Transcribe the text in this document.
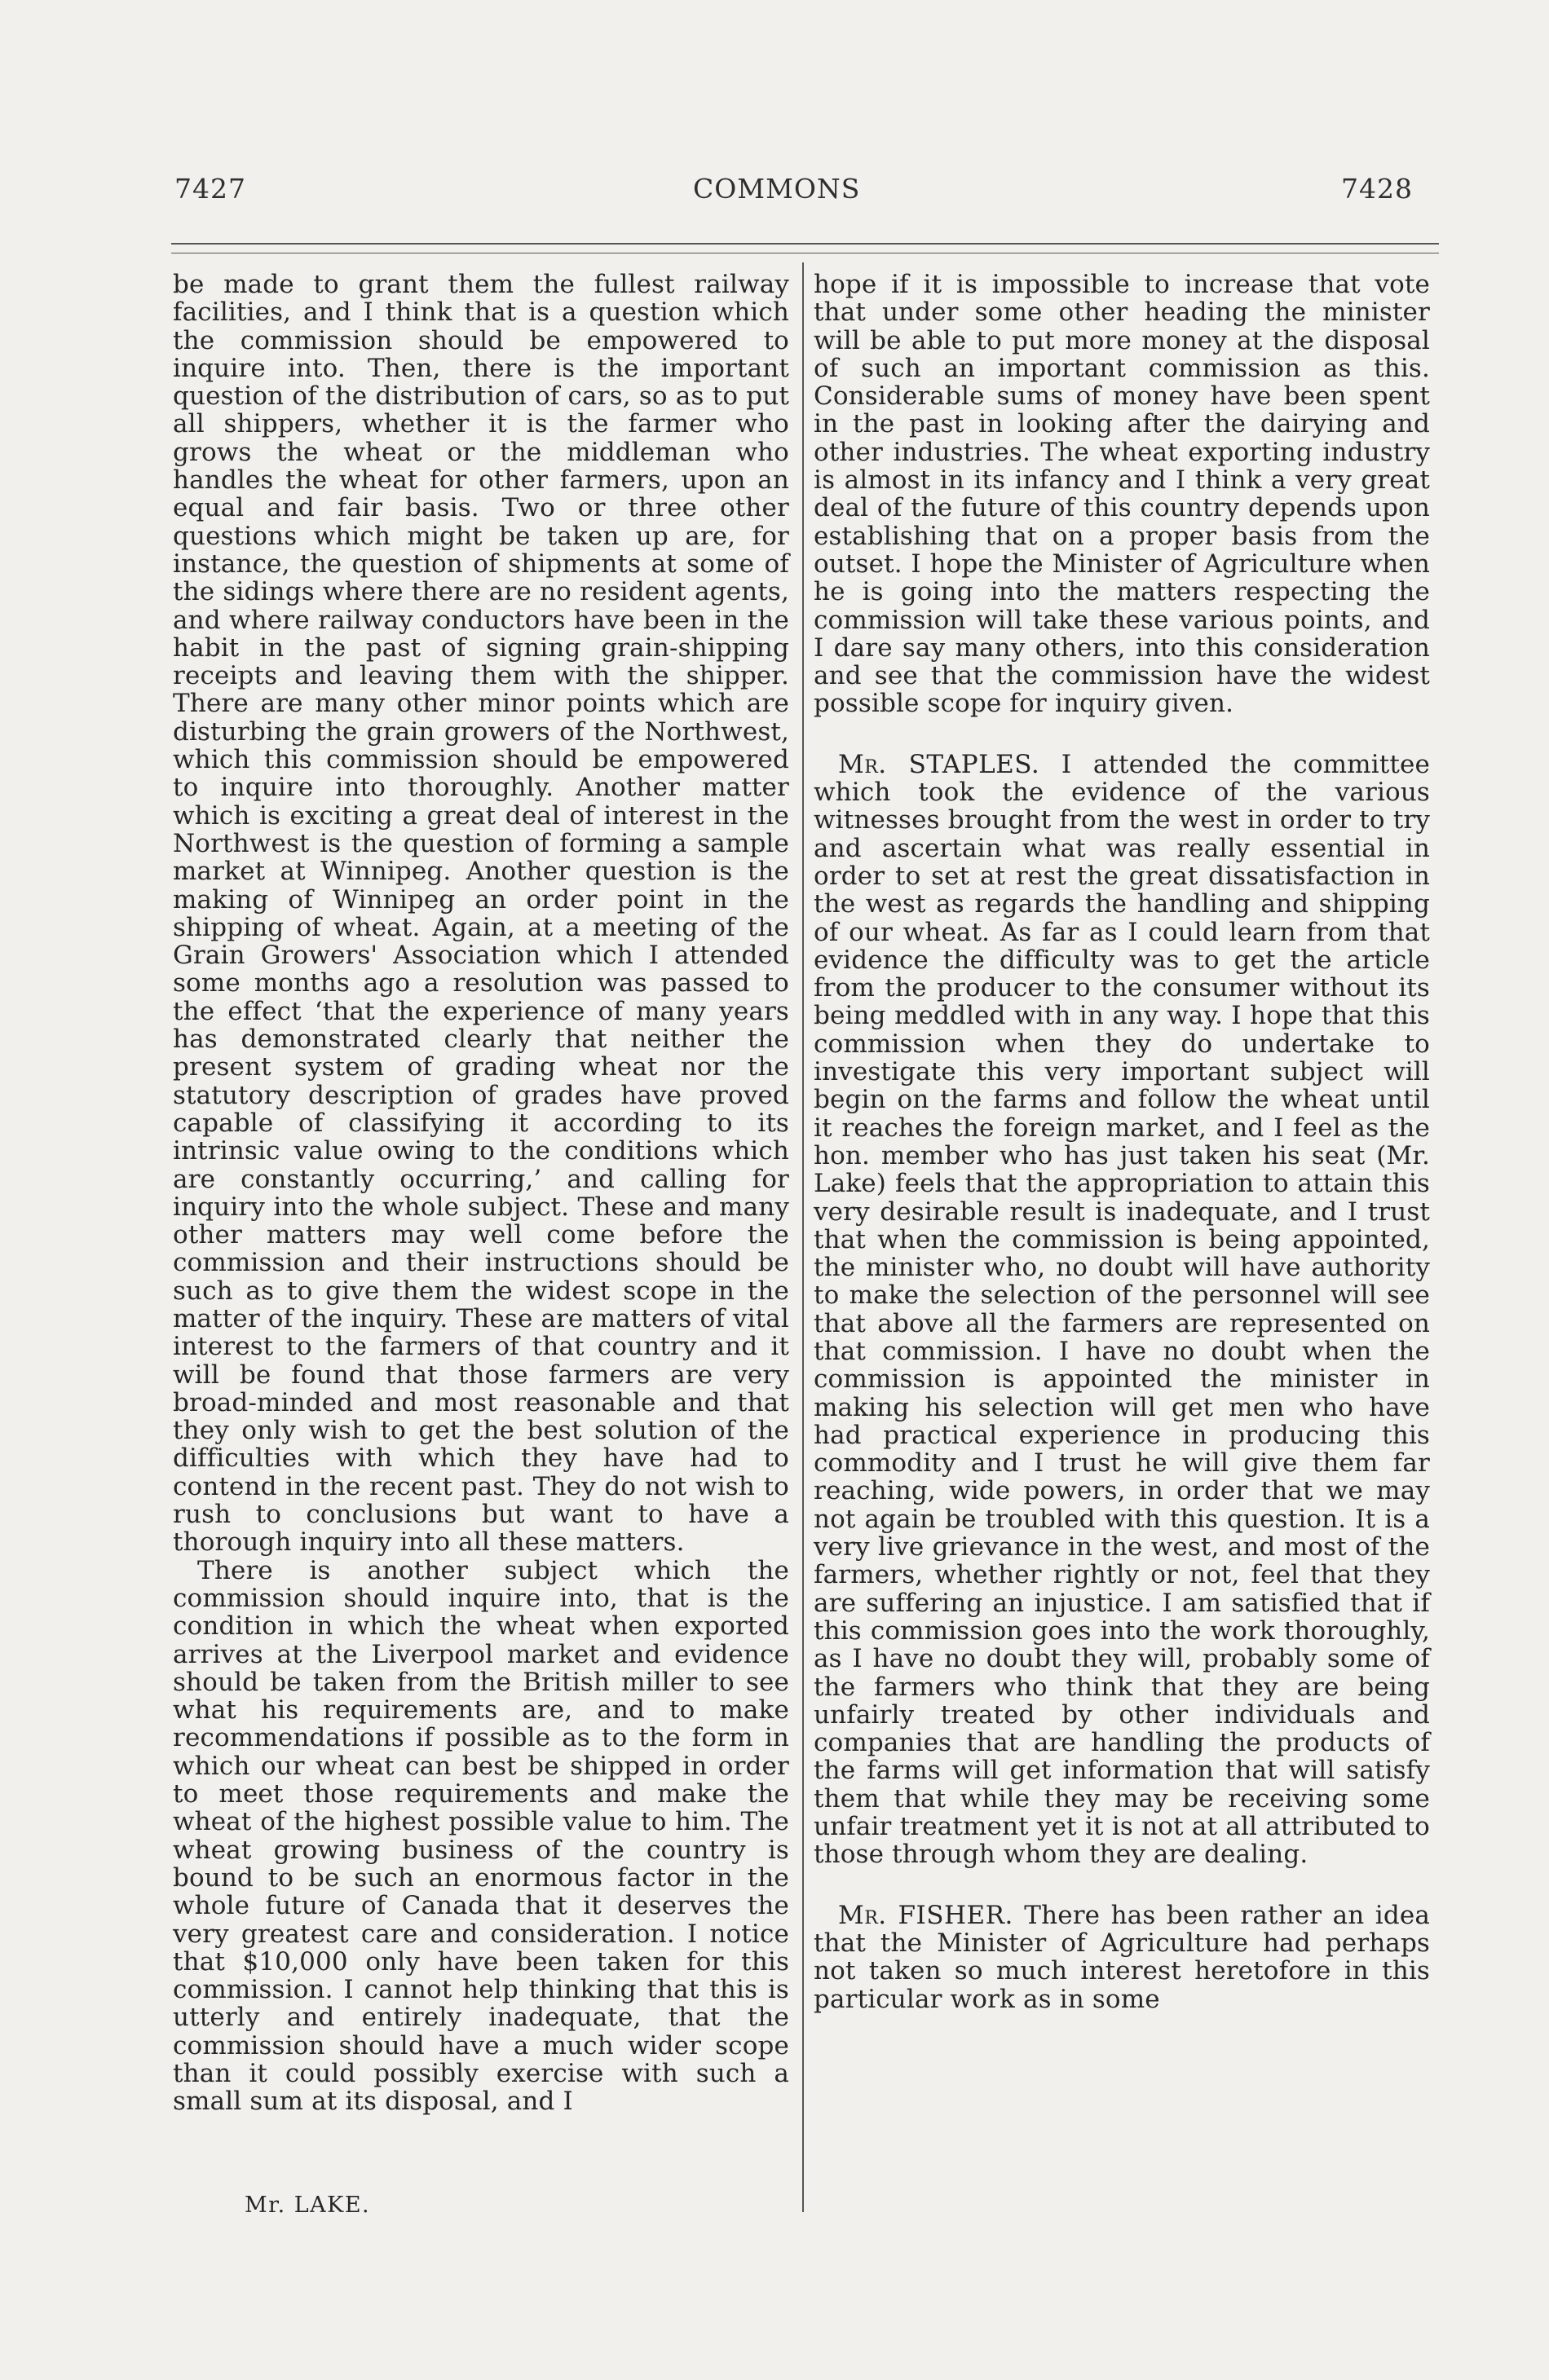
7427	COMMONS	7428

be made to grant them the fullest railway facilities, and I think that is a question which the commission should be empowered to inquire into. Then, there is the important question of the distribution of cars, so as to put all shippers, whether it is the farmer who grows the wheat or the middleman who handles the wheat for other farmers, upon an equal and fair basis. Two or three other questions which might be taken up are, for instance, the question of shipments at some of the sidings where there are no resident agents, and where railway conductors have been in the habit in the past of signing grain-shipping receipts and leaving them with the shipper. There are many other minor points which are disturbing the grain growers of the Northwest, which this commission should be empowered to inquire into thoroughly. Another matter which is exciting a great deal of interest in the Northwest is the question of forming a sample market at Winnipeg. Another question is the making of Winnipeg an order point in the shipping of wheat. Again, at a meeting of the Grain Growers' Association which I attended some months ago a resolution was passed to the effect ‘that the experience of many years has demonstrated clearly that neither the present system of grading wheat nor the statutory description of grades have proved capable of classifying it according to its intrinsic value owing to the conditions which are constantly occurring,’ and calling for inquiry into the whole subject. These and many other matters may well come before the commission and their instructions should be such as to give them the widest scope in the matter of the inquiry. These are matters of vital interest to the farmers of that country and it will be found that those farmers are very broad-minded and most reasonable and that they only wish to get the best solution of the difficulties with which they have had to contend in the recent past. They do not wish to rush to conclusions but want to have a thorough inquiry into all these matters.

There is another subject which the commission should inquire into, that is the condition in which the wheat when exported arrives at the Liverpool market and evidence should be taken from the British miller to see what his requirements are, and to make recommendations if possible as to the form in which our wheat can best be shipped in order to meet those requirements and make the wheat of the highest possible value to him. The wheat growing business of the country is bound to be such an enormous factor in the whole future of Canada that it deserves the very greatest care and consideration. I notice that $10,000 only have been taken for this commission. I cannot help thinking that this is utterly and entirely inadequate, that the commission should have a much wider scope than it could possibly exercise with such a small sum at its disposal, and I

hope if it is impossible to increase that vote that under some other heading the minister will be able to put more money at the disposal of such an important commission as this. Considerable sums of money have been spent in the past in looking after the dairying and other industries. The wheat exporting industry is almost in its infancy and I think a very great deal of the future of this country depends upon establishing that on a proper basis from the outset. I hope the Minister of Agriculture when he is going into the matters respecting the commission will take these various points, and I dare say many others, into this consideration and see that the commission have the widest possible scope for inquiry given.

Mr. STAPLES. I attended the committee which took the evidence of the various witnesses brought from the west in order to try and ascertain what was really essential in order to set at rest the great dissatisfaction in the west as regards the handling and shipping of our wheat. As far as I could learn from that evidence the difficulty was to get the article from the producer to the consumer without its being meddled with in any way. I hope that this commission when they do undertake to investigate this very important subject will begin on the farms and follow the wheat until it reaches the foreign market, and I feel as the hon. member who has just taken his seat (Mr. Lake) feels that the appropriation to attain this very desirable result is inadequate, and I trust that when the commission is being appointed, the minister who, no doubt will have authority to make the selection of the personnel will see that above all the farmers are represented on that commission. I have no doubt when the commission is appointed the minister in making his selection will get men who have had practical experience in producing this commodity and I trust he will give them far reaching, wide powers, in order that we may not again be troubled with this question. It is a very live grievance in the west, and most of the farmers, whether rightly or not, feel that they are suffering an injustice. I am satisfied that if this commission goes into the work thoroughly, as I have no doubt they will, probably some of the farmers who think that they are being unfairly treated by other individuals and companies that are handling the products of the farms will get information that will satisfy them that while they may be receiving some unfair treatment yet it is not at all attributed to those through whom they are dealing.

Mr. FISHER. There has been rather an idea that the Minister of Agriculture had perhaps not taken so much interest heretofore in this particular work as in some

Mr. LAKE.
